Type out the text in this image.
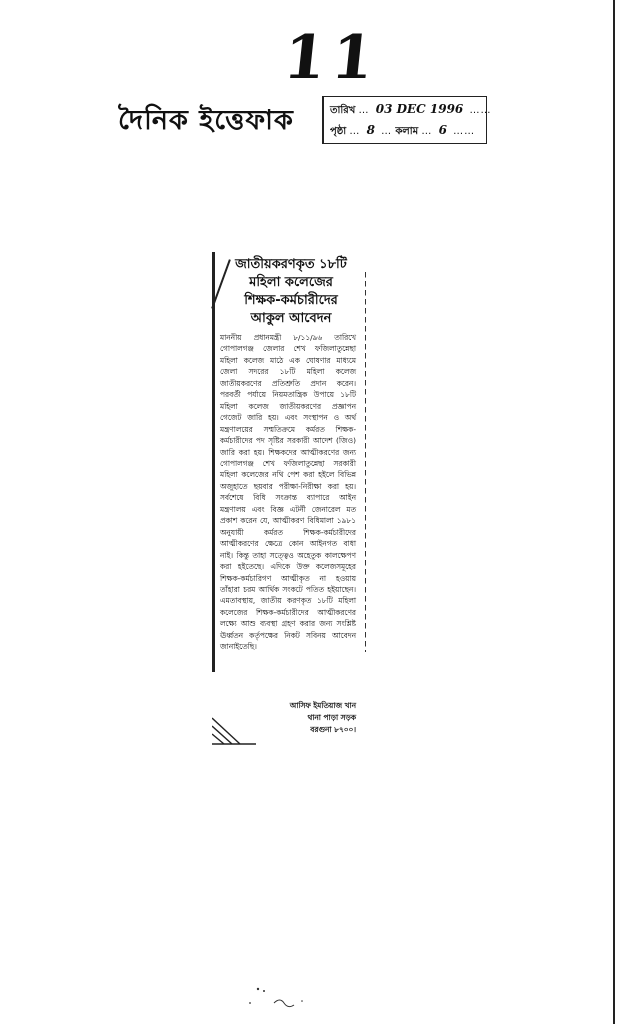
11
দৈনিক ইত্তেফাক	তারিখ … 03 DEC 1996 ……
পৃষ্ঠা … 8 … কলাম … 6 ……
জাতীয়করণকৃত ১৮টি
মহিলা কলেজের
শিক্ষক-কর্মচারীদের
আকুল আবেদন
মাননীয় প্রধানমন্ত্রী ৮/১১/৯৬ তারিখে গোপালগঞ্জ জেলার শেখ ফজিলাতুন্নেছা মহিলা কলেজ মাঠে এক ঘোষণার মাধ্যমে জেলা সদরের ১৮টি মহিলা কলেজ জাতীয়করণের প্রতিশ্রুতি প্রদান করেন। পরবর্তী পর্যায়ে নিয়মতান্ত্রিক উপায়ে ১৮টি মহিলা কলেজ জাতীয়করণের প্রজ্ঞাপন গেজেট জারি হয়। এবং সংস্থাপন ও অর্থ মন্ত্রণালয়ের সম্মতিক্রমে কর্মরত শিক্ষক-কর্মচারীদের পদ সৃষ্টির সরকারী আদেশ (জিও) জারি করা হয়। শিক্ষকদের আত্মীকরণের জন্য গোপালগঞ্জ শেখ ফজিলাতুন্নেছা সরকারী মহিলা কলেজের নথি পেশ করা হইলে বিভিন্ন অজুহাতে ছয়বার পরীক্ষা-নিরীক্ষা করা হয়। সর্বশেষে বিধি সংক্রান্ত ব্যাপারে আইন মন্ত্রণালয় এবং বিজ্ঞ এটর্নী জেনারেল মত প্রকাশ করেন যে, আত্মীকরণ বিধিমালা ১৯৮১ অনুযায়ী কর্মরত শিক্ষক-কর্মচারীদের আত্মীকরণের ক্ষেত্রে কোন আইনগত বাধা নাই। কিন্তু তাহা সত্ত্বেও অহেতুক কালক্ষেপণ করা হইতেছে। এদিকে উক্ত কলেজসমূহের শিক্ষক-কর্মচারিগণ আত্মীকৃত না হওয়ায় তাঁহারা চরম আর্থিক সংকটে পতিত হইয়াছেন। এমতাবস্থায়, জাতীয় করণকৃত ১৮টি মহিলা কলেজের শিক্ষক-কর্মচারীদের আত্মীকরণের লক্ষ্যে আশু ব্যবস্থা গ্রহণ করার জন্য সংশ্লিষ্ট ঊর্ধ্বতন কর্তৃপক্ষের নিকট সবিনয় আবেদন জানাইতেছি।
আসিফ ইমতিয়াজ খান
থানা পাড়া সড়ক
বরগুনা ৮৭০০।
